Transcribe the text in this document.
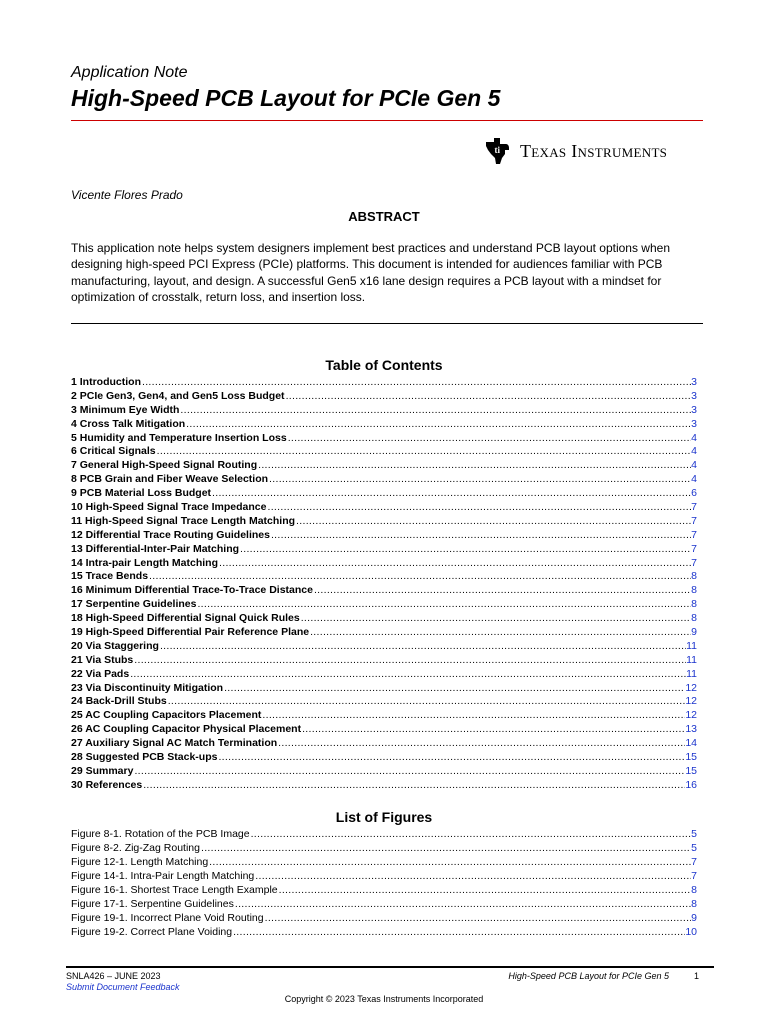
Application Note
High-Speed PCB Layout for PCIe Gen 5
ti Texas Instruments
Vicente Flores Prado
ABSTRACT
This application note helps system designers implement best practices and understand PCB layout options when designing high-speed PCI Express (PCIe) platforms. This document is intended for audiences familiar with PCB manufacturing, layout, and design. A successful Gen5 x16 lane design requires a PCB layout with a mindset for optimization of crosstalk, return loss, and insertion loss.
Table of Contents
1 Introduction .....	3
2 PCIe Gen3, Gen4, and Gen5 Loss Budget .....	3
3 Minimum Eye Width .....	3
4 Cross Talk Mitigation .....	3
5 Humidity and Temperature Insertion Loss .....	4
6 Critical Signals .....	4
7 General High-Speed Signal Routing .....	4
8 PCB Grain and Fiber Weave Selection .....	4
9 PCB Material Loss Budget .....	6
10 High-Speed Signal Trace Impedance .....	7
11 High-Speed Signal Trace Length Matching .....	7
12 Differential Trace Routing Guidelines .....	7
13 Differential-Inter-Pair Matching .....	7
14 Intra-pair Length Matching .....	7
15 Trace Bends .....	8
16 Minimum Differential Trace-To-Trace Distance .....	8
17 Serpentine Guidelines .....	8
18 High-Speed Differential Signal Quick Rules .....	8
19 High-Speed Differential Pair Reference Plane .....	9
20 Via Staggering .....	11
21 Via Stubs .....	11
22 Via Pads .....	11
23 Via Discontinuity Mitigation .....	12
24 Back-Drill Stubs .....	12
25 AC Coupling Capacitors Placement .....	12
26 AC Coupling Capacitor Physical Placement .....	13
27 Auxiliary Signal AC Match Termination .....	14
28 Suggested PCB Stack-ups .....	15
29 Summary .....	15
30 References .....	16
List of Figures
Figure 8-1. Rotation of the PCB Image .....	5
Figure 8-2. Zig-Zag Routing .....	5
Figure 12-1. Length Matching .....	7
Figure 14-1. Intra-Pair Length Matching .....	7
Figure 16-1. Shortest Trace Length Example .....	8
Figure 17-1. Serpentine Guidelines .....	8
Figure 19-1. Incorrect Plane Void Routing .....	9
Figure 19-2. Correct Plane Voiding .....	10
SNLA426 – JUNE 2023
Submit Document Feedback
High-Speed PCB Layout for PCIe Gen 5	1
Copyright © 2023 Texas Instruments Incorporated
